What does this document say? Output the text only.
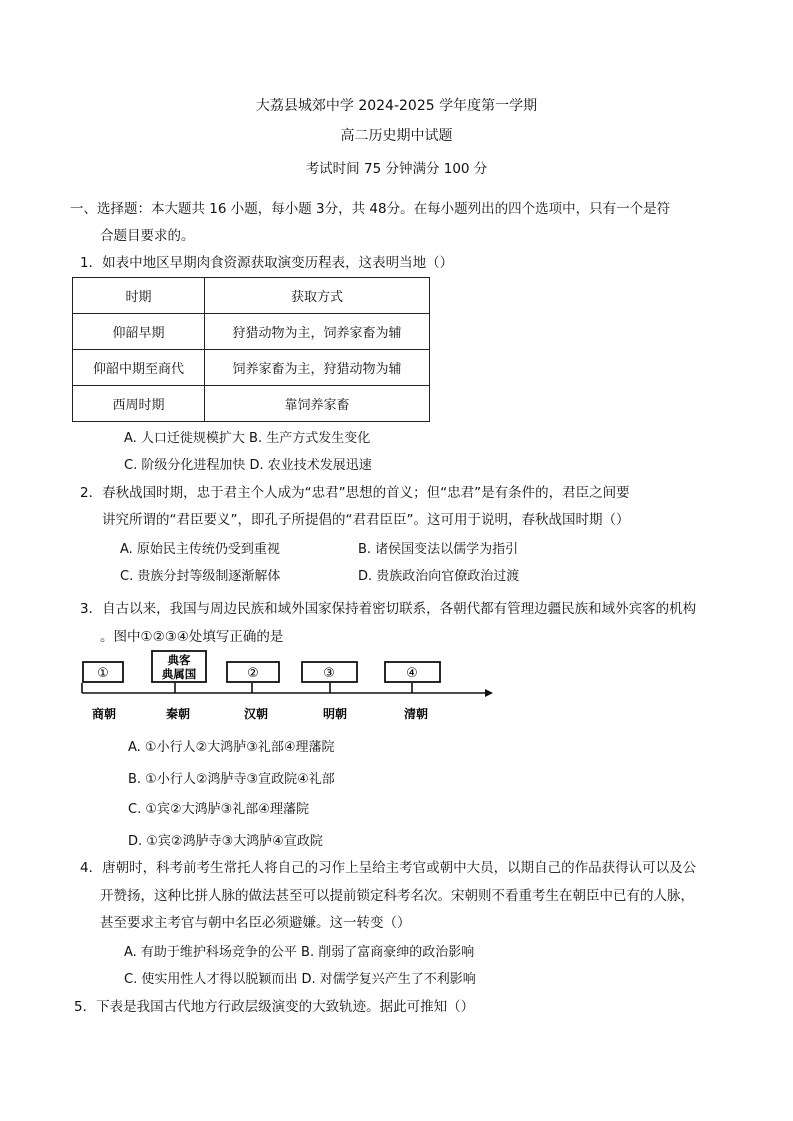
大荔县城郊中学 2024-2025 学年度第一学期
高二历史期中试题
考试时间 75 分钟满分 100 分
一、选择题：本大题共 16 小题，每小题 3分，共 48分。在每小题列出的四个选项中，只有一个是符
合题目要求的。
1．如表中地区早期肉食资源获取演变历程表，这表明当地（）
时期	获取方式
仰韶早期	狩猎动物为主，饲养家畜为辅
仰韶中期至商代	饲养家畜为主，狩猎动物为辅
西周时期	靠饲养家畜
A. 人口迁徙规模扩大 B. 生产方式发生变化
C. 阶级分化进程加快 D. 农业技术发展迅速
2．春秋战国时期，忠于君主个人成为“忠君”思想的首义；但“忠君”是有条件的，君臣之间要
讲究所谓的“君臣要义”，即孔子所提倡的“君君臣臣”。这可用于说明，春秋战国时期（）
A. 原始民主传统仍受到重视	B. 诸侯国变法以儒学为指引
C. 贵族分封等级制逐渐解体	D. 贵族政治向官僚政治过渡
3．自古以来，我国与周边民族和域外国家保持着密切联系，各朝代都有管理边疆民族和域外宾客的机构
。图中①②③④处填写正确的是
①
典客
典属国	②	③	④
商朝	秦朝	汉朝	明朝	清朝
A. ①小行人②大鸿胪③礼部④理藩院
B. ①小行人②鸿胪寺③宣政院④礼部
C. ①宾②大鸿胪③礼部④理藩院
D. ①宾②鸿胪寺③大鸿胪④宣政院
4．唐朝时，科考前考生常托人将自己的习作上呈给主考官或朝中大员，以期自己的作品获得认可以及公
开赞扬，这种比拼人脉的做法甚至可以提前锁定科考名次。宋朝则不看重考生在朝臣中已有的人脉，
甚至要求主考官与朝中名臣必须避嫌。这一转变（）
A. 有助于维护科场竞争的公平 B. 削弱了富商豪绅的政治影响
C. 使实用性人才得以脱颖而出 D. 对儒学复兴产生了不利影响
5．下表是我国古代地方行政层级演变的大致轨迹。据此可推知（）
